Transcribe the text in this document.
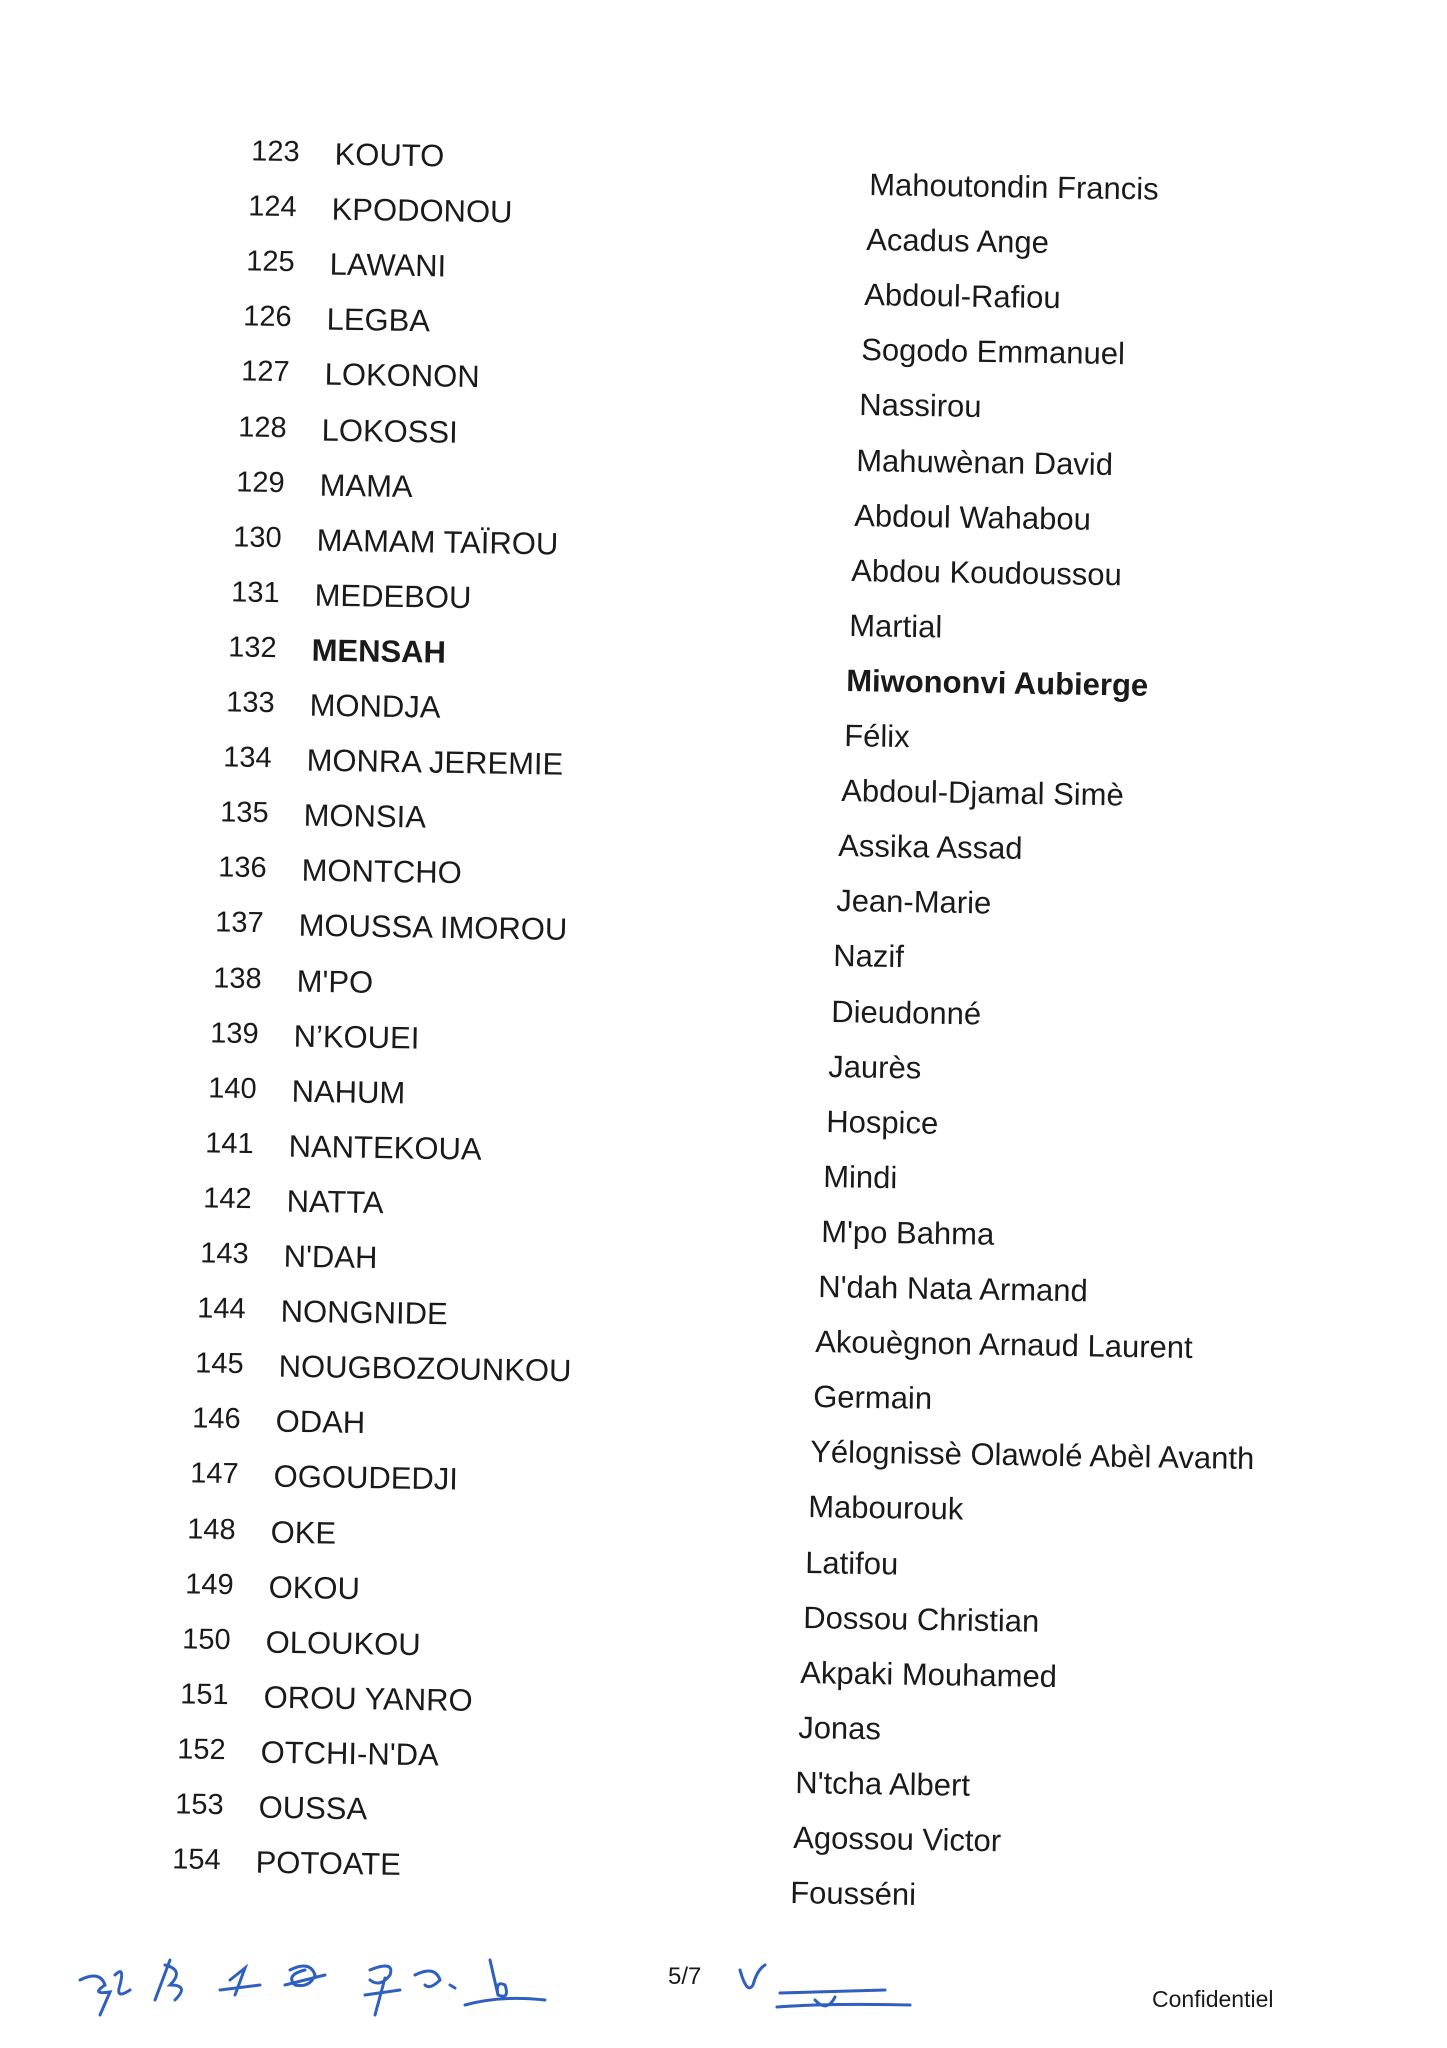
123 KOUTO
Mahoutondin Francis
124 KPODONOU
Acadus Ange
125 LAWANI
Abdoul-Rafiou
126 LEGBA
Sogodo Emmanuel
127 LOKONON
Nassirou
128 LOKOSSI
Mahuwènan David
129 MAMA
Abdoul Wahabou
130 MAMAM TAÏROU
Abdou Koudoussou
131 MEDEBOU
Martial
132 MENSAH
Miwononvi Aubierge
133 MONDJA
Félix
134 MONRA JEREMIE
Abdoul-Djamal Simè
135 MONSIA
Assika Assad
136 MONTCHO
Jean-Marie
137 MOUSSA IMOROU
Nazif
138 M'PO
Dieudonné
139 N’KOUEI
Jaurès
140 NAHUM
Hospice
141 NANTEKOUA
Mindi
142 NATTA
M'po Bahma
143 N'DAH
N'dah Nata Armand
144 NONGNIDE
Akouègnon Arnaud Laurent
145 NOUGBOZOUNKOU
Germain
146 ODAH
Yélognissè Olawolé Abèl Avanth
147 OGOUDEDJI
Mabourouk
148 OKE
Latifou
149 OKOU
Dossou Christian
150 OLOUKOU
Akpaki Mouhamed
151 OROU YANRO
Jonas
152 OTCHI-N'DA
N'tcha Albert
153 OUSSA
Agossou Victor
154 POTOATE
Fousséni
5/7
Confidentiel
